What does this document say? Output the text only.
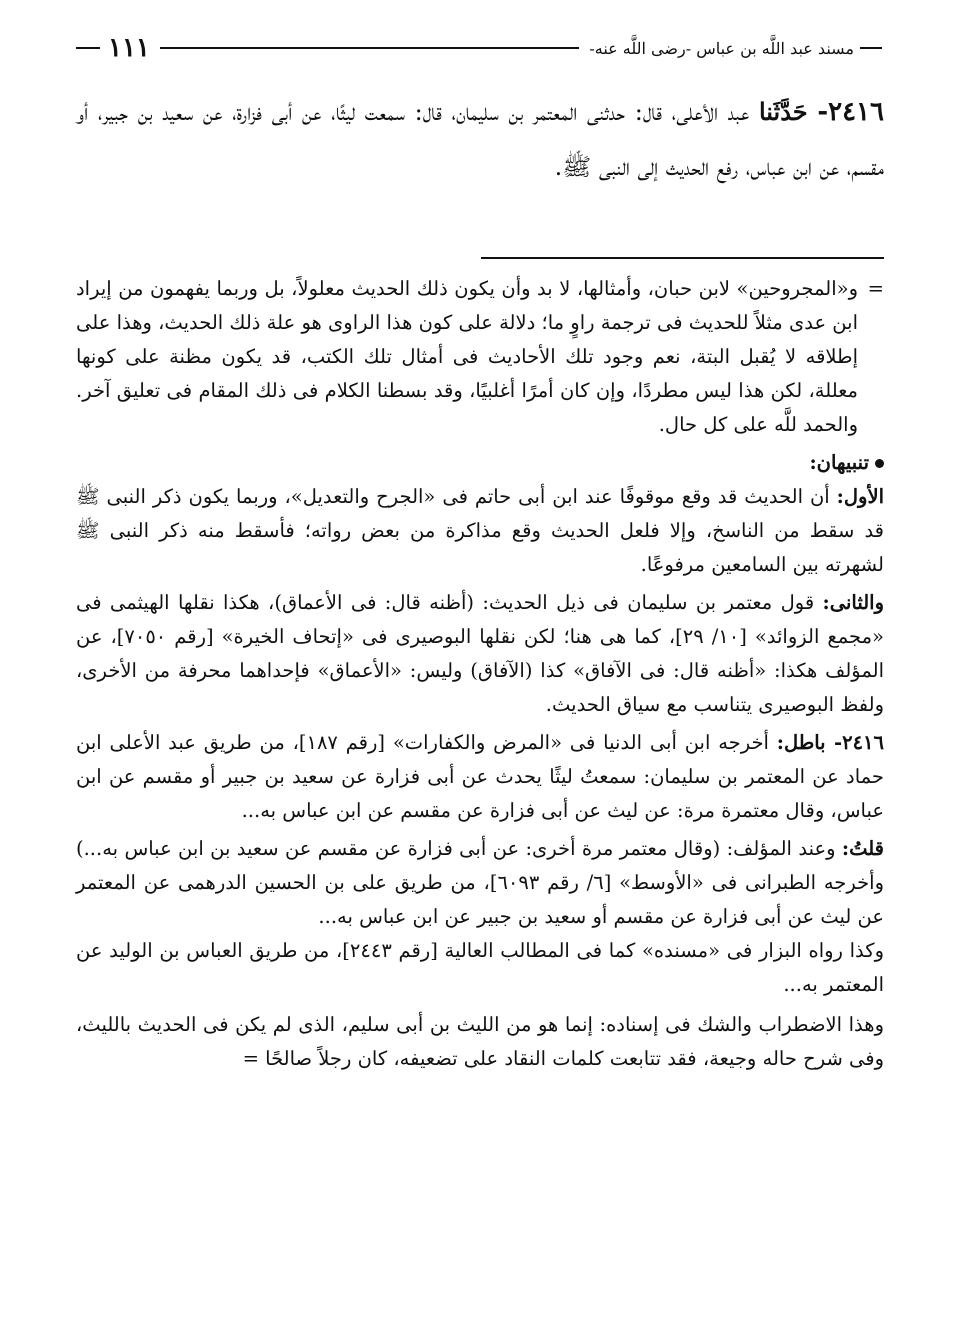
مسند عبد اللَّه بن عباس -رضى اللَّه عنه-
١١١
٢٤١٦- حَدَّثَنا عبد الأعلى، قال: حدثنى المعتمر بن سليمان، قال: سمعت ليثًا، عن أبى فزارة، عن سعيد بن جبير، أو مقسم، عن ابن عباس، رفع الحديث إلى النبى ﷺ.

=
و«المجروحين» لابن حبان، وأمثالها، لا بد وأن يكون ذلك الحديث معلولاً، بل وربما يفهمون من إيراد ابن عدى مثلاً للحديث فى ترجمة راوٍ ما؛ دلالة على كون هذا الراوى هو علة ذلك الحديث، وهذا على إطلاقه لا يُقبل البتة، نعم وجود تلك الأحاديث فى أمثال تلك الكتب، قد يكون مظنة على كونها معللة، لكن هذا ليس مطردًا، وإن كان أمرًا أغلبيًا، وقد بسطنا الكلام فى ذلك المقام فى تعليق آخر. والحمد للَّه على كل حال.

تنبيهان:

الأول: أن الحديث قد وقع موقوفًا عند ابن أبى حاتم فى «الجرح والتعديل»، وربما يكون ذكر النبى ﷺ قد سقط من الناسخ، وإلا فلعل الحديث وقع مذاكرة من بعض رواته؛ فأسقط منه ذكر النبى ﷺ لشهرته بين السامعين مرفوعًا.

والثانى: قول معتمر بن سليمان فى ذيل الحديث: (أظنه قال: فى الأعماق)، هكذا نقلها الهيثمى فى «مجمع الزوائد» [١٠/ ٢٩]، كما هى هنا؛ لكن نقلها البوصيرى فى «إتحاف الخيرة» [رقم ٧٠٥٠]، عن المؤلف هكذا: «أظنه قال: فى الآفاق» كذا (الآفاق) وليس: «الأعماق» فإحداهما محرفة من الأخرى، ولفظ البوصيرى يتناسب مع سياق الحديث.

٢٤١٦- باطل: أخرجه ابن أبى الدنيا فى «المرض والكفارات» [رقم ١٨٧]، من طريق عبد الأعلى ابن حماد عن المعتمر بن سليمان: سمعتُ ليثًا يحدث عن أبى فزارة عن سعيد بن جبير أو مقسم عن ابن عباس، وقال معتمرة مرة: عن ليث عن أبى فزارة عن مقسم عن ابن عباس به...

قلتُ: وعند المؤلف: (وقال معتمر مرة أخرى: عن أبى فزارة عن مقسم عن سعيد بن ابن عباس به...) وأخرجه الطبرانى فى «الأوسط» [٦/ رقم ٦٠٩٣]، من طريق على بن الحسين الدرهمى عن المعتمر عن ليث عن أبى فزارة عن مقسم أو سعيد بن جبير عن ابن عباس به...

وكذا رواه البزار فى «مسنده» كما فى المطالب العالية [رقم ٢٤٤٣]، من طريق العباس بن الوليد عن المعتمر به...

وهذا الاضطراب والشك فى إسناده: إنما هو من الليث بن أبى سليم، الذى لم يكن فى الحديث بالليث، وفى شرح حاله وجيعة، فقد تتابعت كلمات النقاد على تضعيفه، كان رجلاً صالحًا =
